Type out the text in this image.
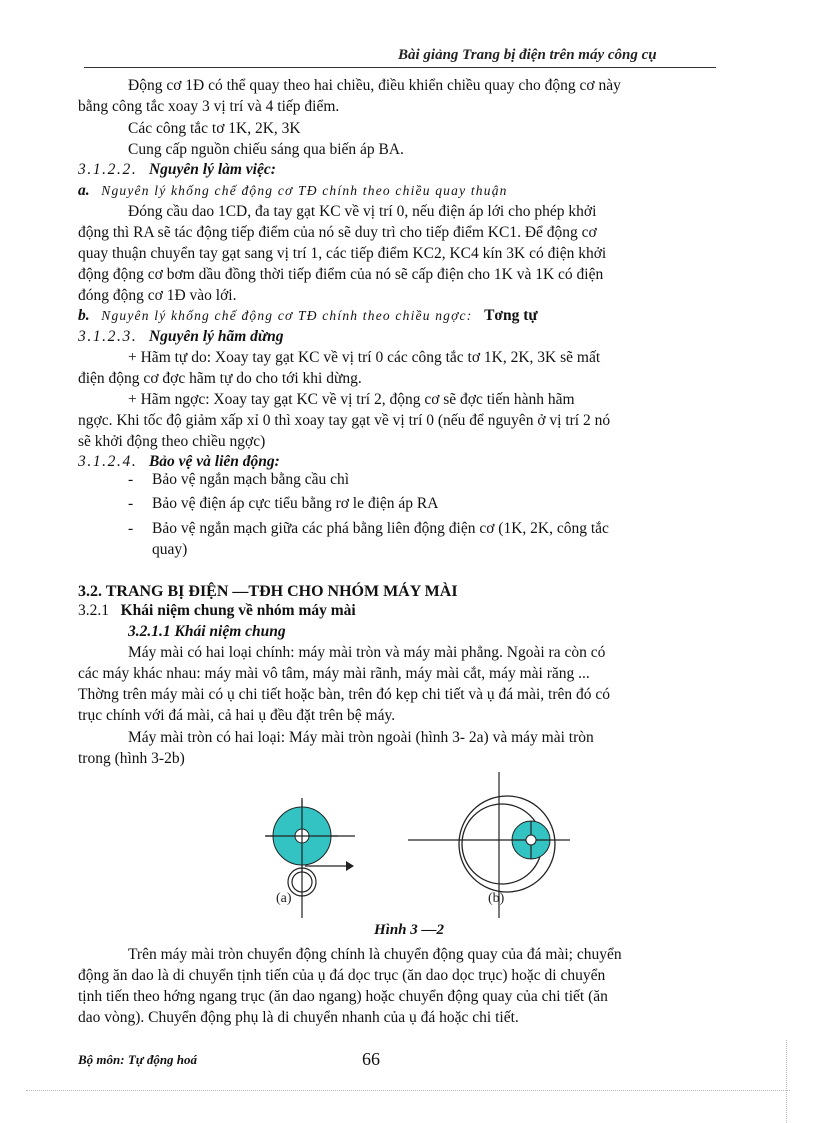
Bài giảng Trang bị điện trên máy công cụ
Động cơ 1Đ có thể quay theo hai chiều, điều khiển chiều quay cho động cơ này
bằng công tắc xoay 3 vị trí và 4 tiếp điểm.
Các công tắc tơ 1K, 2K, 3K
Cung cấp nguồn chiếu sáng qua biến áp BA.
3.1.2.2. Nguyên lý làm việc:
a. Nguyên lý khống chế động cơ TĐ chính theo chiều quay thuận
Đóng cầu dao 1CD, đa tay gạt KC về vị trí 0, nếu điện áp lới cho phép khởi
động thì RA sẽ tác động tiếp điểm của nó sẽ duy trì cho tiếp điểm KC1. Để động cơ
quay thuận chuyển tay gạt sang vị trí 1, các tiếp điểm KC2, KC4 kín 3K có điện khởi
động động cơ bơm dầu đồng thời tiếp điểm của nó sẽ cấp điện cho 1K và 1K có điện
đóng động cơ 1Đ vào lới.
b. Nguyên lý khống chế động cơ TĐ chính theo chiều ngợc: Tơng tự
3.1.2.3. Nguyên lý hãm dừng
+ Hãm tự do: Xoay tay gạt KC về vị trí 0 các công tắc tơ 1K, 2K, 3K sẽ mất
điện động cơ đợc hãm tự do cho tới khi dừng.
+ Hãm ngợc: Xoay tay gạt KC về vị trí 2, động cơ sẽ đợc tiến hành hãm
ngợc. Khi tốc độ giảm xấp xỉ 0 thì xoay tay gạt về vị trí 0 (nếu để nguyên ở vị trí 2 nó
sẽ khởi động theo chiều ngợc)
3.1.2.4. Bảo vệ và liên động:
- Bảo vệ ngắn mạch bằng cầu chì
- Bảo vệ điện áp cực tiểu bằng rơ le điện áp RA
- Bảo vệ ngắn mạch giữa các phá bằng liên động điện cơ (1K, 2K, công tắc
quay)
3.2. TRANG BỊ ĐIỆN —TĐH CHO NHÓM MÁY MÀI
3.2.1 Khái niệm chung về nhóm máy mài
3.2.1.1 Khái niệm chung
Máy mài có hai loại chính: máy mài tròn và máy mài phẳng. Ngoài ra còn có
các máy khác nhau: máy mài vô tâm, máy mài rãnh, máy mài cắt, máy mài răng ...
Thờng trên máy mài có ụ chi tiết hoặc bàn, trên đó kẹp chi tiết và ụ đá mài, trên đó có
trục chính với đá mài, cả hai ụ đều đặt trên bệ máy.
Máy mài tròn có hai loại: Máy mài tròn ngoài (hình 3- 2a) và máy mài tròn
trong (hình 3-2b)
(a)	(b)
Hình 3 —2
Trên máy mài tròn chuyển động chính là chuyển động quay của đá mài; chuyển
động ăn dao là di chuyển tịnh tiến của ụ đá dọc trục (ăn dao dọc trục) hoặc di chuyển
tịnh tiến theo hớng ngang trục (ăn dao ngang) hoặc chuyển động quay của chi tiết (ăn
dao vòng). Chuyển động phụ là di chuyển nhanh của ụ đá hoặc chi tiết.
Bộ môn: Tự động hoá	66
